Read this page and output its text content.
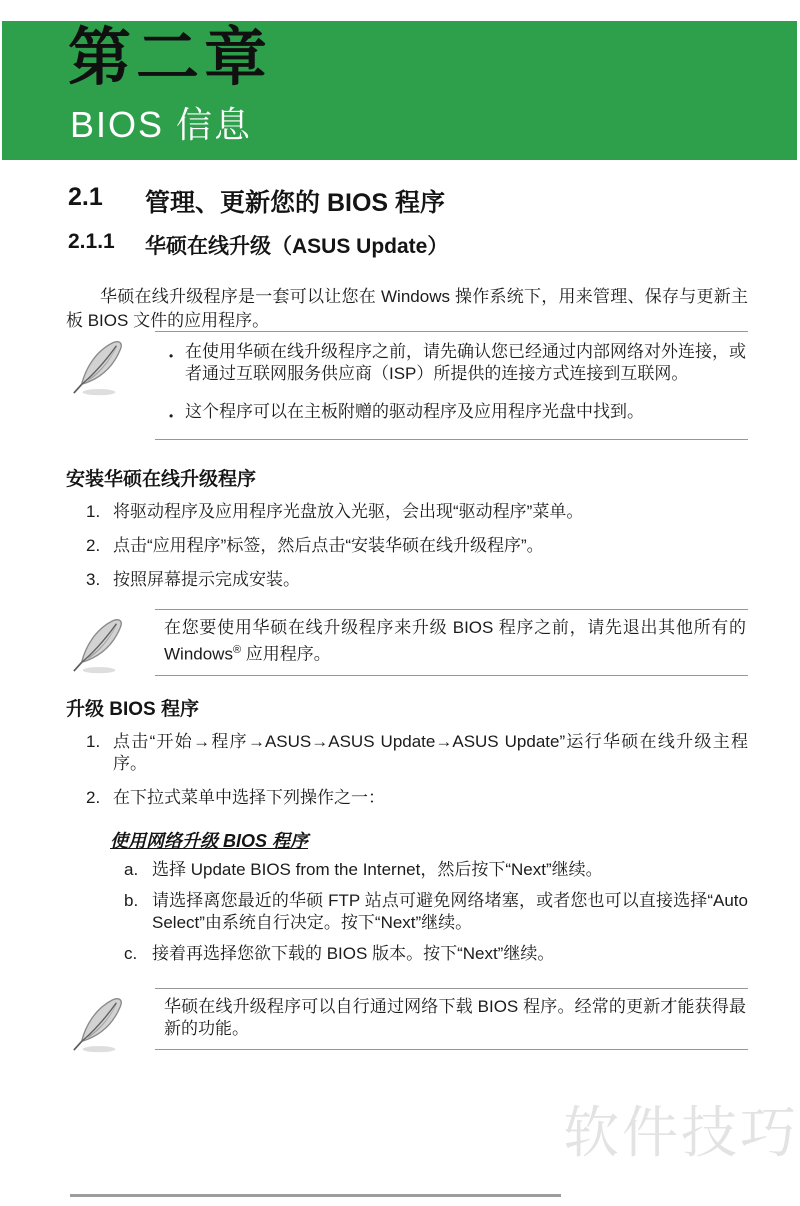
第二章
BIOS 信息
2.1	管理、更新您的 BIOS 程序
2.1.1	华硕在线升级（ASUS Update）

华硕在线升级程序是一套可以让您在 Windows 操作系统下，用来管理、保存与更新主板 BIOS 文件的应用程序。

• 在使用华硕在线升级程序之前，请先确认您已经通过内部网络对外连接，或者通过互联网服务供应商（ISP）所提供的连接方式连接到互联网。
• 这个程序可以在主板附赠的驱动程序及应用程序光盘中找到。
安装华硕在线升级程序
1. 将驱动程序及应用程序光盘放入光驱，会出现“驱动程序”菜单。
2. 点击“应用程序”标签，然后点击“安装华硕在线升级程序”。
3. 按照屏幕提示完成安装。
在您要使用华硕在线升级程序来升级 BIOS 程序之前，请先退出其他所有的 Windows® 应用程序。
升级 BIOS 程序
1. 点击“开始→程序→ASUS→ASUS Update→ASUS Update”运行华硕在线升级主程序。
2. 在下拉式菜单中选择下列操作之一：
使用网络升级 BIOS 程序
a. 选择 Update BIOS from the Internet，然后按下“Next”继续。
b. 请选择离您最近的华硕 FTP 站点可避免网络堵塞，或者您也可以直接选择“Auto Select”由系统自行决定。按下“Next”继续。
c. 接着再选择您欲下载的 BIOS 版本。按下“Next”继续。
华硕在线升级程序可以自行通过网络下载 BIOS 程序。经常的更新才能获得最新的功能。
软件技巧
